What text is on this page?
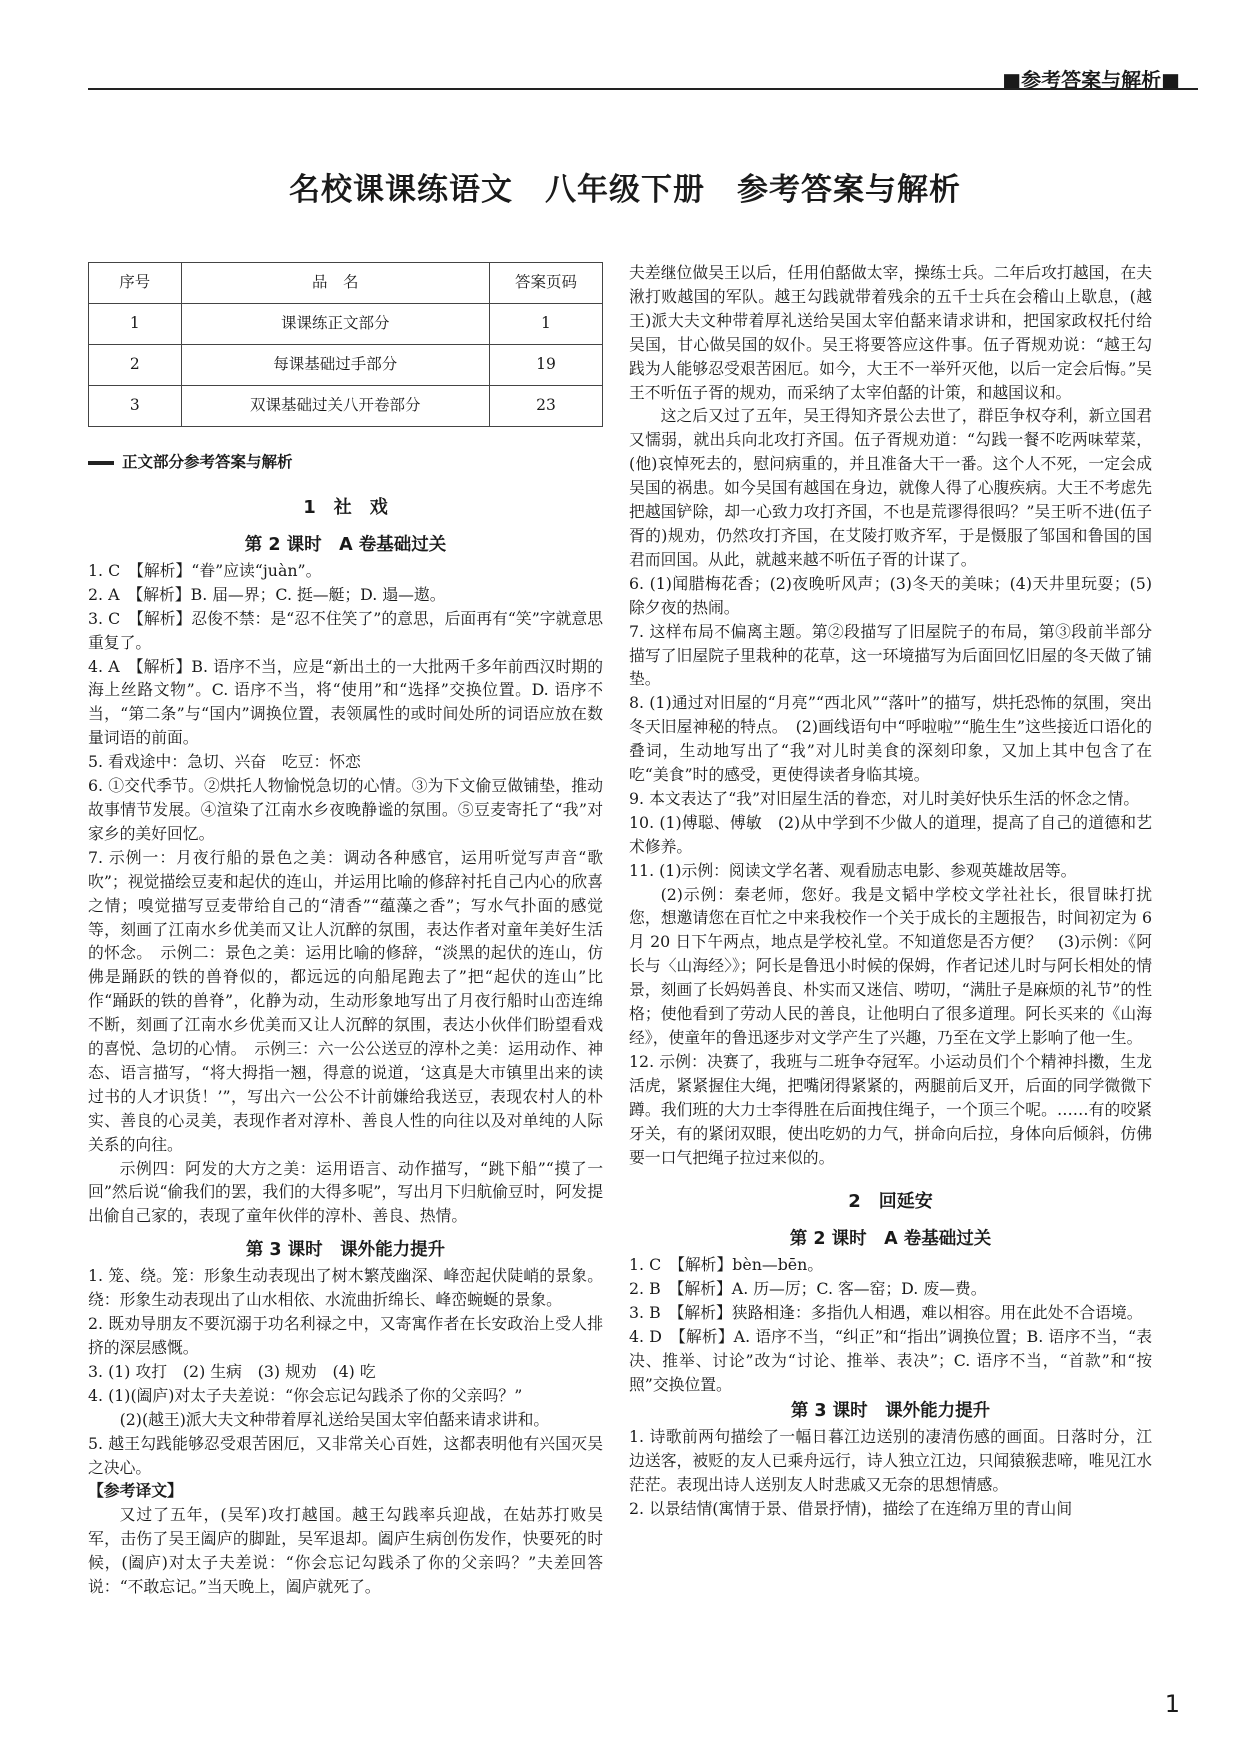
■参考答案与解析■
名校课课练语文　八年级下册　参考答案与解析
序号	品　名	答案页码
1	课课练正文部分	1
2	每课基础过手部分	19
3	双课基础过关八开卷部分	23
正文部分参考答案与解析
1　社　戏
第 2 课时　A 卷基础过关

1. C　【解析】“眷”应读“juàn”。

2. A　【解析】B. 届—界；C. 挺—艇；D. 遢—遨。

3. C　【解析】忍俊不禁：是“忍不住笑了”的意思，后面再有“笑”字就意思重复了。

4. A　【解析】B. 语序不当，应是“新出土的一大批两千多年前西汉时期的海上丝路文物”。C. 语序不当，将“使用”和“选择”交换位置。D. 语序不当，“第二条”与“国内”调换位置，表领属性的或时间处所的词语应放在数量词语的前面。

5. 看戏途中：急切、兴奋　吃豆：怀恋

6. ①交代季节。②烘托人物愉悦急切的心情。③为下文偷豆做铺垫，推动故事情节发展。④渲染了江南水乡夜晚静谧的氛围。⑤豆麦寄托了“我”对家乡的美好回忆。

7. 示例一：月夜行船的景色之美：调动各种感官，运用听觉写声音“歌吹”；视觉描绘豆麦和起伏的连山，并运用比喻的修辞衬托自己内心的欣喜之情；嗅觉描写豆麦带给自己的“清香”“蕴藻之香”；写水气扑面的感觉等，刻画了江南水乡优美而又让人沉醉的氛围，表达作者对童年美好生活的怀念。　示例二：景色之美：运用比喻的修辞，“淡黑的起伏的连山，仿佛是踊跃的铁的兽脊似的，都远远的向船尾跑去了”把“起伏的连山”比作“踊跃的铁的兽脊”，化静为动，生动形象地写出了月夜行船时山峦连绵不断，刻画了江南水乡优美而又让人沉醉的氛围，表达小伙伴们盼望看戏的喜悦、急切的心情。　示例三：六一公公送豆的淳朴之美：运用动作、神态、语言描写，“将大拇指一翘，得意的说道，‘这真是大市镇里出来的读过书的人才识货！’”，写出六一公公不计前嫌给我送豆，表现农村人的朴实、善良的心灵美，表现作者对淳朴、善良人性的向往以及对单纯的人际关系的向往。

示例四：阿发的大方之美：运用语言、动作描写，“跳下船”“摸了一回”然后说“偷我们的罢，我们的大得多呢”，写出月下归航偷豆时，阿发提出偷自己家的，表现了童年伙伴的淳朴、善良、热情。

第 3 课时　课外能力提升

1. 笼、绕。笼：形象生动表现出了树木繁茂幽深、峰峦起伏陡峭的景象。绕：形象生动表现出了山水相依、水流曲折绵长、峰峦蜿蜒的景象。

2. 既劝导朋友不要沉溺于功名利禄之中，又寄寓作者在长安政治上受人排挤的深层感慨。

3. (1) 攻打　(2) 生病　(3) 规劝　(4) 吃

4. (1)(阖庐)对太子夫差说：“你会忘记勾践杀了你的父亲吗？”

(2)(越王)派大夫文种带着厚礼送给吴国太宰伯嚭来请求讲和。

5. 越王勾践能够忍受艰苦困厄，又非常关心百姓，这都表明他有兴国灭吴之决心。

【参考译文】

又过了五年，(吴军)攻打越国。越王勾践率兵迎战，在姑苏打败吴军，击伤了吴王阖庐的脚趾，吴军退却。阖庐生病创伤发作，快要死的时候，(阖庐)对太子夫差说：“你会忘记勾践杀了你的父亲吗？”夫差回答说：“不敢忘记。”当天晚上，阖庐就死了。

夫差继位做吴王以后，任用伯嚭做太宰，操练士兵。二年后攻打越国，在夫湫打败越国的军队。越王勾践就带着残余的五千士兵在会稽山上歇息，(越王)派大夫文种带着厚礼送给吴国太宰伯嚭来请求讲和，把国家政权托付给吴国，甘心做吴国的奴仆。吴王将要答应这件事。伍子胥规劝说：“越王勾践为人能够忍受艰苦困厄。如今，大王不一举歼灭他，以后一定会后悔。”吴王不听伍子胥的规劝，而采纳了太宰伯嚭的计策，和越国议和。

这之后又过了五年，吴王得知齐景公去世了，群臣争权夺利，新立国君又懦弱，就出兵向北攻打齐国。伍子胥规劝道：“勾践一餐不吃两味荤菜，(他)哀悼死去的，慰问病重的，并且准备大干一番。这个人不死，一定会成吴国的祸患。如今吴国有越国在身边，就像人得了心腹疾病。大王不考虑先把越国铲除，却一心致力攻打齐国，不也是荒谬得很吗？”吴王听不进(伍子胥的)规劝，仍然攻打齐国，在艾陵打败齐军，于是慑服了邹国和鲁国的国君而回国。从此，就越来越不听伍子胥的计谋了。

6. (1)闻腊梅花香；(2)夜晚听风声；(3)冬天的美味；(4)天井里玩耍；(5)除夕夜的热闹。

7. 这样布局不偏离主题。第②段描写了旧屋院子的布局，第③段前半部分描写了旧屋院子里栽种的花草，这一环境描写为后面回忆旧屋的冬天做了铺垫。

8. (1)通过对旧屋的“月亮”“西北风”“落叶”的描写，烘托恐怖的氛围，突出冬天旧屋神秘的特点。　(2)画线语句中“呼啦啦”“脆生生”这些接近口语化的叠词，生动地写出了“我”对儿时美食的深刻印象，又加上其中包含了在吃“美食”时的感受，更使得读者身临其境。

9. 本文表达了“我”对旧屋生活的眷恋，对儿时美好快乐生活的怀念之情。

10. (1)傅聪、傅敏　(2)从中学到不少做人的道理，提高了自己的道德和艺术修养。

11. (1)示例：阅读文学名著、观看励志电影、参观英雄故居等。

(2)示例：秦老师，您好。我是文韬中学校文学社社长，很冒昧打扰您，想邀请您在百忙之中来我校作一个关于成长的主题报告，时间初定为 6 月 20 日下午两点，地点是学校礼堂。不知道您是否方便？　(3)示例：《阿长与〈山海经〉》；阿长是鲁迅小时候的保姆，作者记述儿时与阿长相处的情景，刻画了长妈妈善良、朴实而又迷信、唠叨，“满肚子是麻烦的礼节”的性格；使他看到了劳动人民的善良，让他明白了很多道理。阿长买来的《山海经》，使童年的鲁迅逐步对文学产生了兴趣，乃至在文学上影响了他一生。

12. 示例：决赛了，我班与二班争夺冠军。小运动员们个个精神抖擞，生龙活虎，紧紧握住大绳，把嘴闭得紧紧的，两腿前后叉开，后面的同学微微下蹲。我们班的大力士李得胜在后面拽住绳子，一个顶三个呢。……有的咬紧牙关，有的紧闭双眼，使出吃奶的力气，拼命向后拉，身体向后倾斜，仿佛要一口气把绳子拉过来似的。

2　回延安
第 2 课时　A 卷基础过关

1. C　【解析】bèn—bēn。

2. B　【解析】A. 历—厉；C. 客—窑；D. 废—费。

3. B　【解析】狭路相逢：多指仇人相遇，难以相容。用在此处不合语境。

4. D　【解析】A. 语序不当，“纠正”和“指出”调换位置；B. 语序不当，“表决、推举、讨论”改为“讨论、推举、表决”；C. 语序不当，“首款”和“按照”交换位置。

第 3 课时　课外能力提升

1. 诗歌前两句描绘了一幅日暮江边送别的凄清伤感的画面。日落时分，江边送客，被贬的友人已乘舟远行，诗人独立江边，只闻猿猴悲啼，唯见江水茫茫。表现出诗人送别友人时悲戚又无奈的思想情感。

2. 以景结情(寓情于景、借景抒情)，描绘了在连绵万里的青山间

1
